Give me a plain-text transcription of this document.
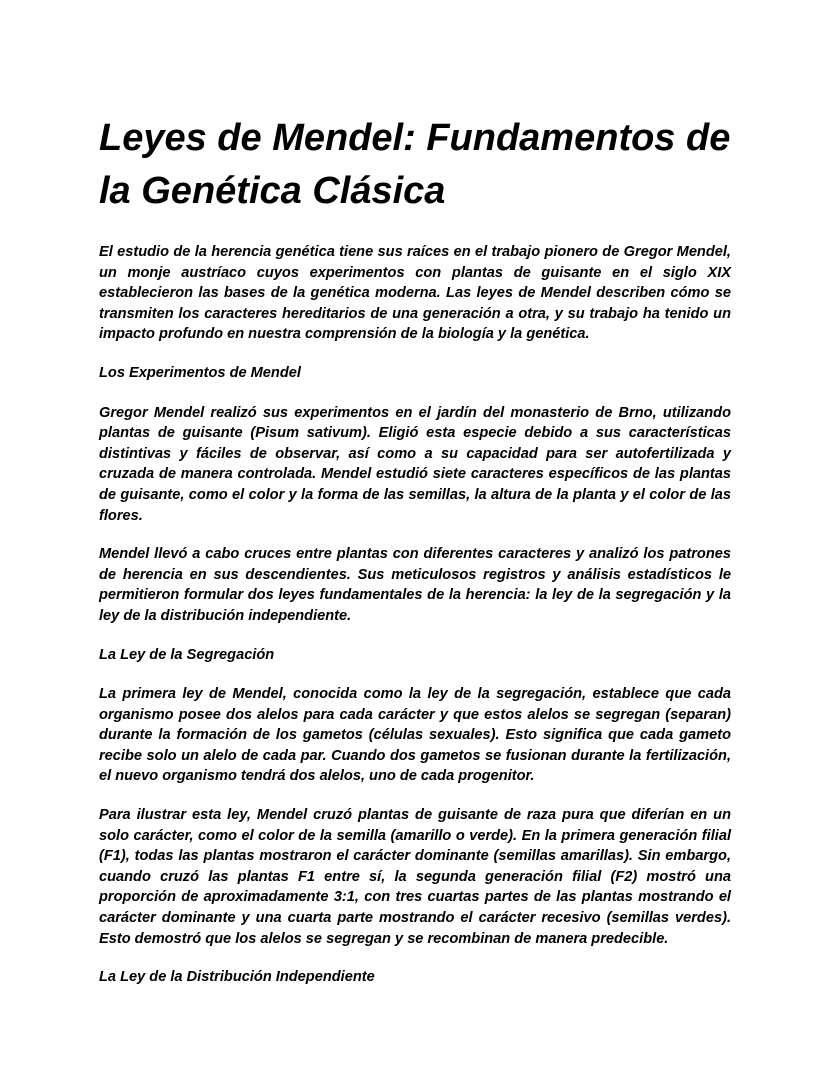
Leyes de Mendel: Fundamentos de la Genética Clásica

El estudio de la herencia genética tiene sus raíces en el trabajo pionero de Gregor Mendel, un monje austríaco cuyos experimentos con plantas de guisante en el siglo XIX establecieron las bases de la genética moderna. Las leyes de Mendel describen cómo se transmiten los caracteres hereditarios de una generación a otra, y su trabajo ha tenido un impacto profundo en nuestra comprensión de la biología y la genética.

Los Experimentos de Mendel

Gregor Mendel realizó sus experimentos en el jardín del monasterio de Brno, utilizando plantas de guisante (Pisum sativum). Eligió esta especie debido a sus características distintivas y fáciles de observar, así como a su capacidad para ser autofertilizada y cruzada de manera controlada. Mendel estudió siete caracteres específicos de las plantas de guisante, como el color y la forma de las semillas, la altura de la planta y el color de las flores.

Mendel llevó a cabo cruces entre plantas con diferentes caracteres y analizó los patrones de herencia en sus descendientes. Sus meticulosos registros y análisis estadísticos le permitieron formular dos leyes fundamentales de la herencia: la ley de la segregación y la ley de la distribución independiente.

La Ley de la Segregación

La primera ley de Mendel, conocida como la ley de la segregación, establece que cada organismo posee dos alelos para cada carácter y que estos alelos se segregan (separan) durante la formación de los gametos (células sexuales). Esto significa que cada gameto recibe solo un alelo de cada par. Cuando dos gametos se fusionan durante la fertilización, el nuevo organismo tendrá dos alelos, uno de cada progenitor.

Para ilustrar esta ley, Mendel cruzó plantas de guisante de raza pura que diferían en un solo carácter, como el color de la semilla (amarillo o verde). En la primera generación filial (F1), todas las plantas mostraron el carácter dominante (semillas amarillas). Sin embargo, cuando cruzó las plantas F1 entre sí, la segunda generación filial (F2) mostró una proporción de aproximadamente 3:1, con tres cuartas partes de las plantas mostrando el carácter dominante y una cuarta parte mostrando el carácter recesivo (semillas verdes). Esto demostró que los alelos se segregan y se recombinan de manera predecible.

La Ley de la Distribución Independiente
